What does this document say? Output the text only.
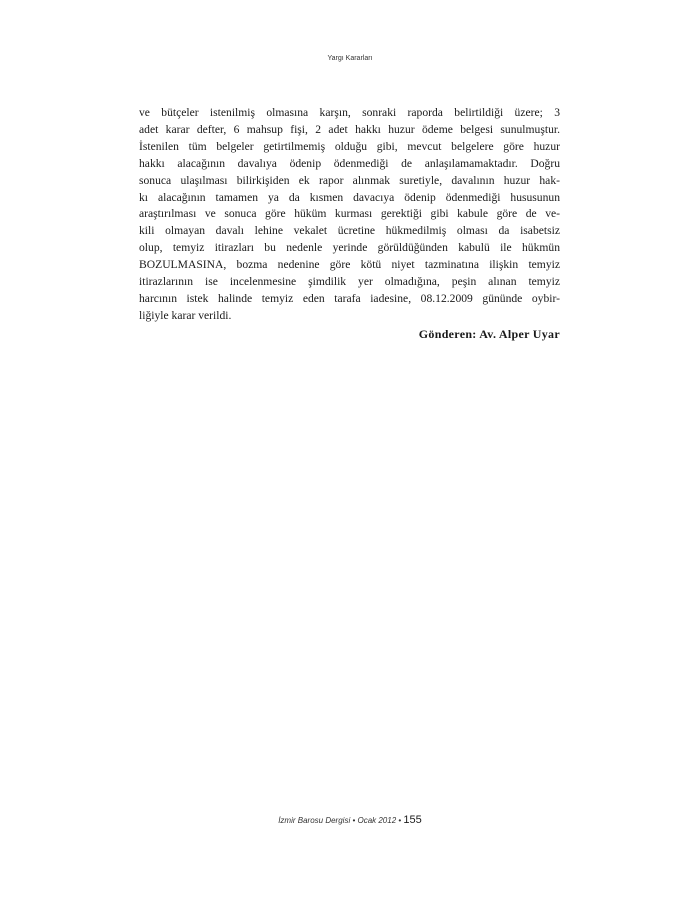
Yargı Kararları
ve bütçeler istenilmiş olmasına karşın, sonraki raporda belirtildiği üzere; 3
adet karar defter, 6 mahsup fişi, 2 adet hakkı huzur ödeme belgesi sunulmuştur.
İstenilen tüm belgeler getirtilmemiş olduğu gibi, mevcut belgelere göre huzur
hakkı alacağının davalıya ödenip ödenmediği de anlaşılamamaktadır. Doğru
sonuca ulaşılması bilirkişiden ek rapor alınmak suretiyle, davalının huzur hak-
kı alacağının tamamen ya da kısmen davacıya ödenip ödenmediği hususunun
araştırılması ve sonuca göre hüküm kurması gerektiği gibi kabule göre de ve-
kili olmayan davalı lehine vekalet ücretine hükmedilmiş olması da isabetsiz
olup, temyiz itirazları bu nedenle yerinde görüldüğünden kabulü ile hükmün
BOZULMASINA, bozma nedenine göre kötü niyet tazminatına ilişkin temyiz
itirazlarının ise incelenmesine şimdilik yer olmadığına, peşin alınan temyiz
harcının istek halinde temyiz eden tarafa iadesine, 08.12.2009 gününde oybir-
liğiyle karar verildi.
Gönderen: Av. Alper Uyar
İzmir Barosu Dergisi • Ocak 2012 • 155
